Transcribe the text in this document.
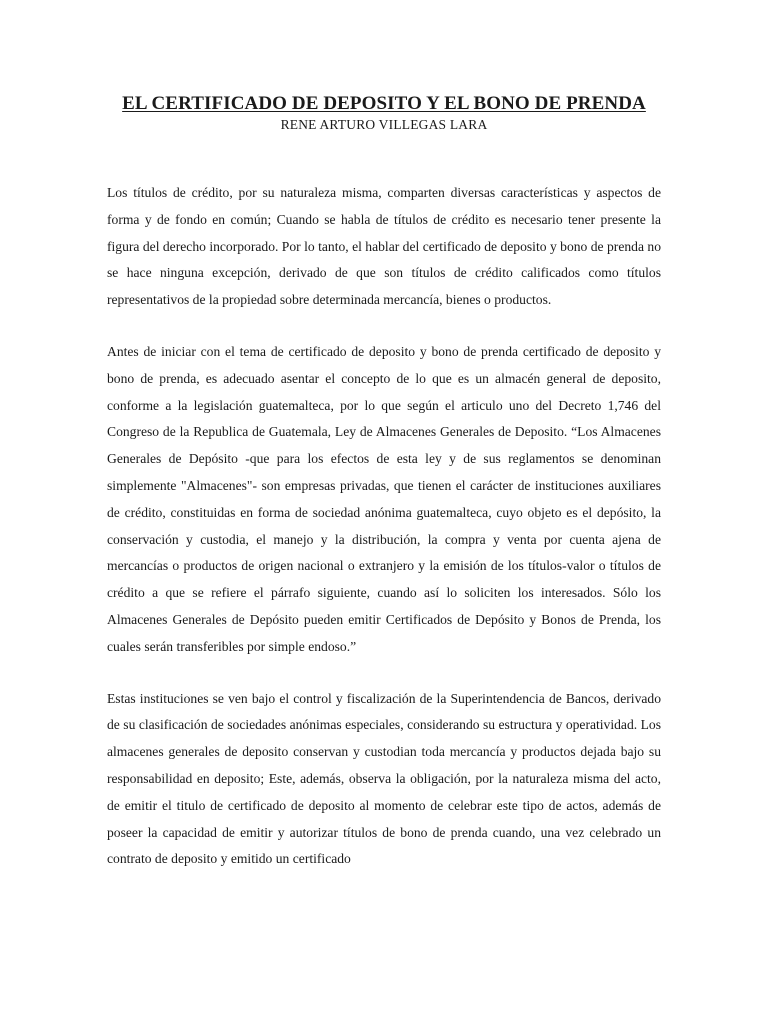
EL CERTIFICADO DE DEPOSITO Y EL BONO DE PRENDA

RENE ARTURO VILLEGAS LARA

Los títulos de crédito, por su naturaleza misma, comparten diversas características y aspectos de forma y de fondo en común; Cuando se habla de títulos de crédito es necesario tener presente la figura del derecho incorporado. Por lo tanto, el hablar del certificado de deposito y bono de prenda no se hace ninguna excepción, derivado de que son títulos de crédito calificados como títulos representativos de la propiedad sobre determinada mercancía, bienes o productos.

Antes de iniciar con el tema de certificado de deposito y bono de prenda certificado de deposito y bono de prenda, es adecuado asentar el concepto de lo que es un almacén general de deposito, conforme a la legislación guatemalteca, por lo que según el articulo uno del Decreto 1,746 del Congreso de la Republica de Guatemala, Ley de Almacenes Generales de Deposito. “Los Almacenes Generales de Depósito -que para los efectos de esta ley y de sus reglamentos se denominan simplemente "Almacenes"- son empresas privadas, que tienen el carácter de instituciones auxiliares de crédito, constituidas en forma de sociedad anónima guatemalteca, cuyo objeto es el depósito, la conservación y custodia, el manejo y la distribución, la compra y venta por cuenta ajena de mercancías o productos de origen nacional o extranjero y la emisión de los títulos-valor o títulos de crédito a que se refiere el párrafo siguiente, cuando así lo soliciten los interesados. Sólo los Almacenes Generales de Depósito pueden emitir Certificados de Depósito y Bonos de Prenda, los cuales serán transferibles por simple endoso.”

Estas instituciones se ven bajo el control y fiscalización de la Superintendencia de Bancos, derivado de su clasificación de sociedades anónimas especiales, considerando su estructura y operatividad. Los almacenes generales de deposito conservan y custodian toda mercancía y productos dejada bajo su responsabilidad en deposito; Este, además, observa la obligación, por la naturaleza misma del acto, de emitir el titulo de certificado de deposito al momento de celebrar este tipo de actos, además de poseer la capacidad de emitir y autorizar títulos de bono de prenda cuando, una vez celebrado un contrato de deposito y emitido un certificado
